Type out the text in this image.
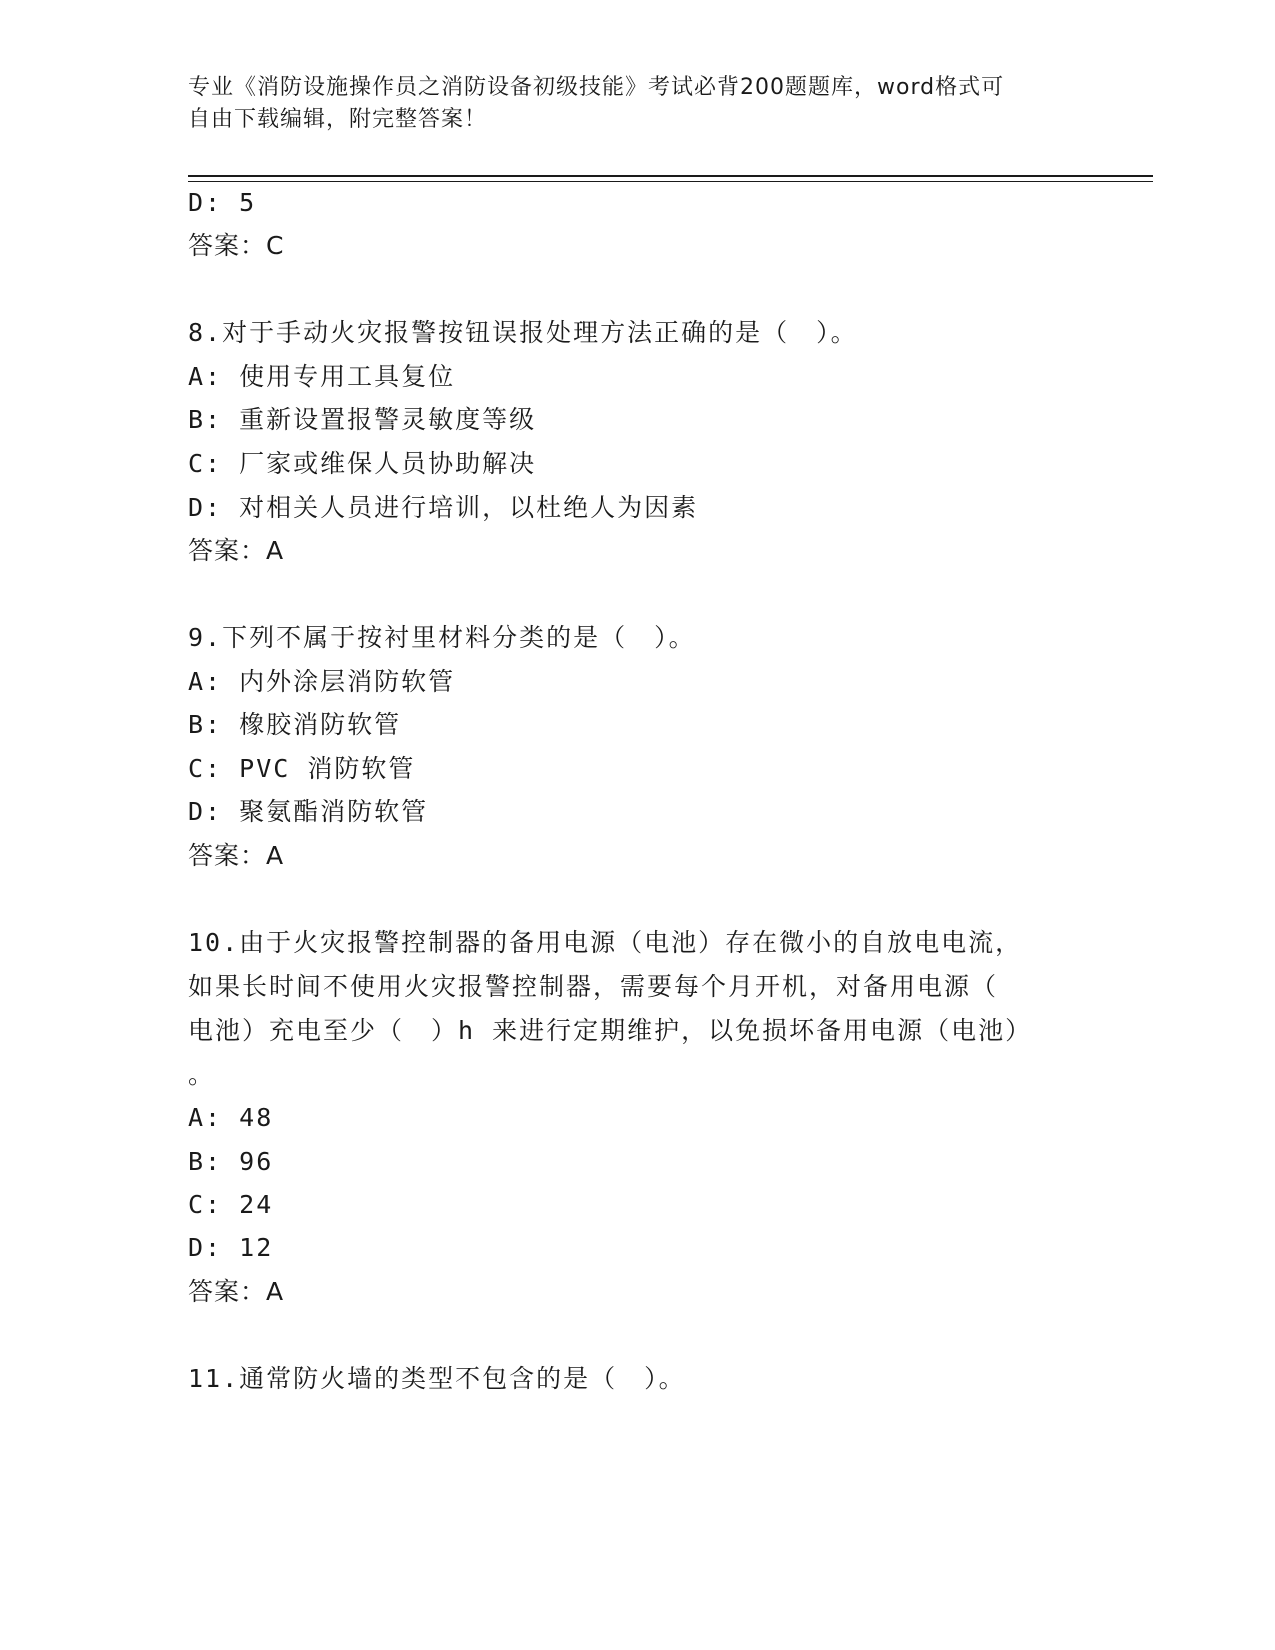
专业《消防设施操作员之消防设备初级技能》考试必背200题题库，word格式可
自由下载编辑，附完整答案！
D: 5
答案：C
8.对于手动火灾报警按钮误报处理方法正确的是（　）。
A: 使用专用工具复位
B: 重新设置报警灵敏度等级
C: 厂家或维保人员协助解决
D: 对相关人员进行培训，以杜绝人为因素
答案：A
9.下列不属于按衬里材料分类的是（　）。
A: 内外涂层消防软管
B: 橡胶消防软管
C: PVC 消防软管
D: 聚氨酯消防软管
答案：A
10.由于火灾报警控制器的备用电源（电池）存在微小的自放电电流，
如果长时间不使用火灾报警控制器，需要每个月开机，对备用电源（
电池）充电至少（　）h 来进行定期维护，以免损坏备用电源（电池）
。
A: 48
B: 96
C: 24
D: 12
答案：A
11.通常防火墙的类型不包含的是（　）。
